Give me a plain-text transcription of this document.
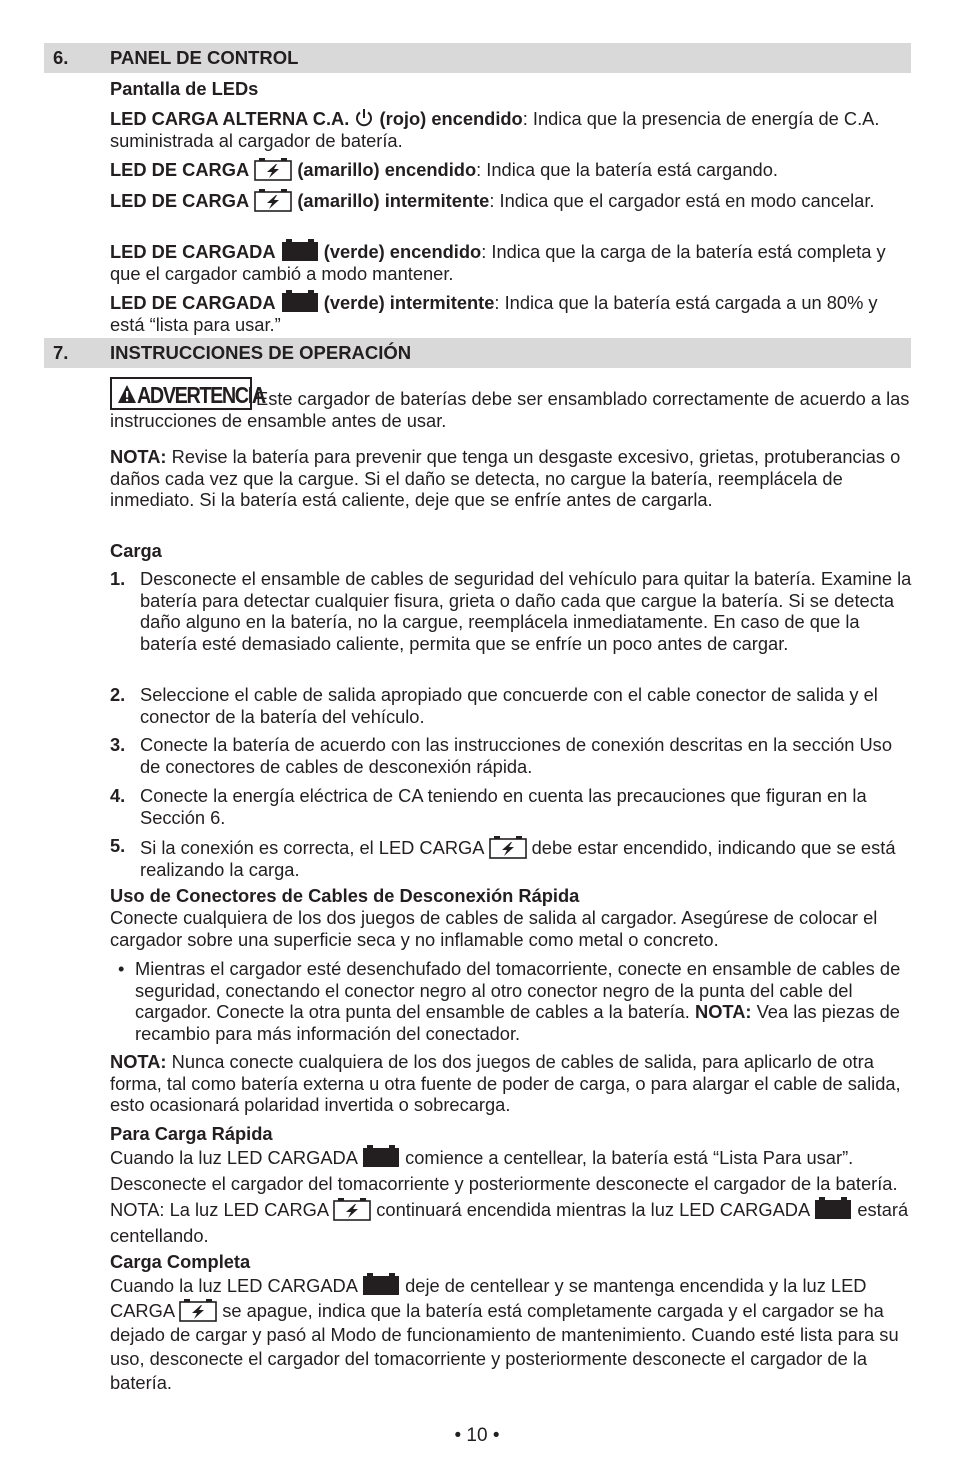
6. PANEL DE CONTROL
Pantalla de LEDs
LED CARGA ALTERNA C.A. (rojo) encendido: Indica que la presencia de energía de C.A. suministrada al cargador de batería.
LED DE CARGA	(amarillo) encendido: Indica que la batería está cargando.
LED DE CARGA	(amarillo) intermitente: Indica que el cargador está en modo cancelar.
LED DE CARGADA	(verde) encendido: Indica que la carga de la batería está completa y que el cargador cambió a modo mantener.
LED DE CARGADA	(verde) intermitente: Indica que la batería está cargada a un 80% y está “lista para usar.”
7. INSTRUCCIONES DE OPERACIÓN
ADVERTENCIA
Este cargador de baterías debe ser ensamblado correctamente de acuerdo a las instrucciones de ensamble antes de usar.
NOTA: Revise la batería para prevenir que tenga un desgaste excesivo, grietas, protuberancias o daños cada vez que la cargue. Si el daño se detecta, no cargue la batería, reemplácela de inmediato. Si la batería está caliente, deje que se enfríe antes de cargarla.
Carga
1. Desconecte el ensamble de cables de seguridad del vehículo para quitar la batería. Examine la batería para detectar cualquier fisura, grieta o daño cada que cargue la batería. Si se detecta daño alguno en la batería, no la cargue, reemplácela inmediatamente. En caso de que la batería esté demasiado caliente, permita que se enfríe un poco antes de cargar.
2. Seleccione el cable de salida apropiado que concuerde con el cable conector de salida y el conector de la batería del vehículo.
3. Conecte la batería de acuerdo con las instrucciones de conexión descritas en la sección Uso de conectores de cables de desconexión rápida.
4. Conecte la energía eléctrica de CA teniendo en cuenta las precauciones que figuran en la Sección 6.
5. Si la conexión es correcta, el LED CARGA	debe estar encendido, indicando que se está realizando la carga.
Uso de Conectores de Cables de Desconexión Rápida
Conecte cualquiera de los dos juegos de cables de salida al cargador. Asegúrese de colocar el cargador sobre una superficie seca y no inflamable como metal o concreto.
• Mientras el cargador esté desenchufado del tomacorriente, conecte en ensamble de cables de seguridad, conectando el conector negro al otro conector negro de la punta del cable del cargador. Conecte la otra punta del ensamble de cables a la batería. NOTA: Vea las piezas de recambio para más información del conectador.
NOTA: Nunca conecte cualquiera de los dos juegos de cables de salida, para aplicarlo de otra forma, tal como batería externa u otra fuente de poder de carga, o para alargar el cable de salida, esto ocasionará polaridad invertida o sobrecarga.
Para Carga Rápida
Cuando la luz LED CARGADA	comience a centellear, la batería está “Lista Para usar”. Desconecte el cargador del tomacorriente y posteriormente desconecte el cargador de la batería. NOTA: La luz LED CARGA	continuará encendida mientras la luz LED CARGADA	estará centellando.
Carga Completa
Cuando la luz LED CARGADA	deje de centellear y se mantenga encendida y la luz LED CARGA	se apague, indica que la batería está completamente cargada y el cargador se ha dejado de cargar y pasó al Modo de funcionamiento de mantenimiento. Cuando esté lista para su uso, desconecte el cargador del tomacorriente y posteriormente desconecte el cargador de la batería.
• 10 •
